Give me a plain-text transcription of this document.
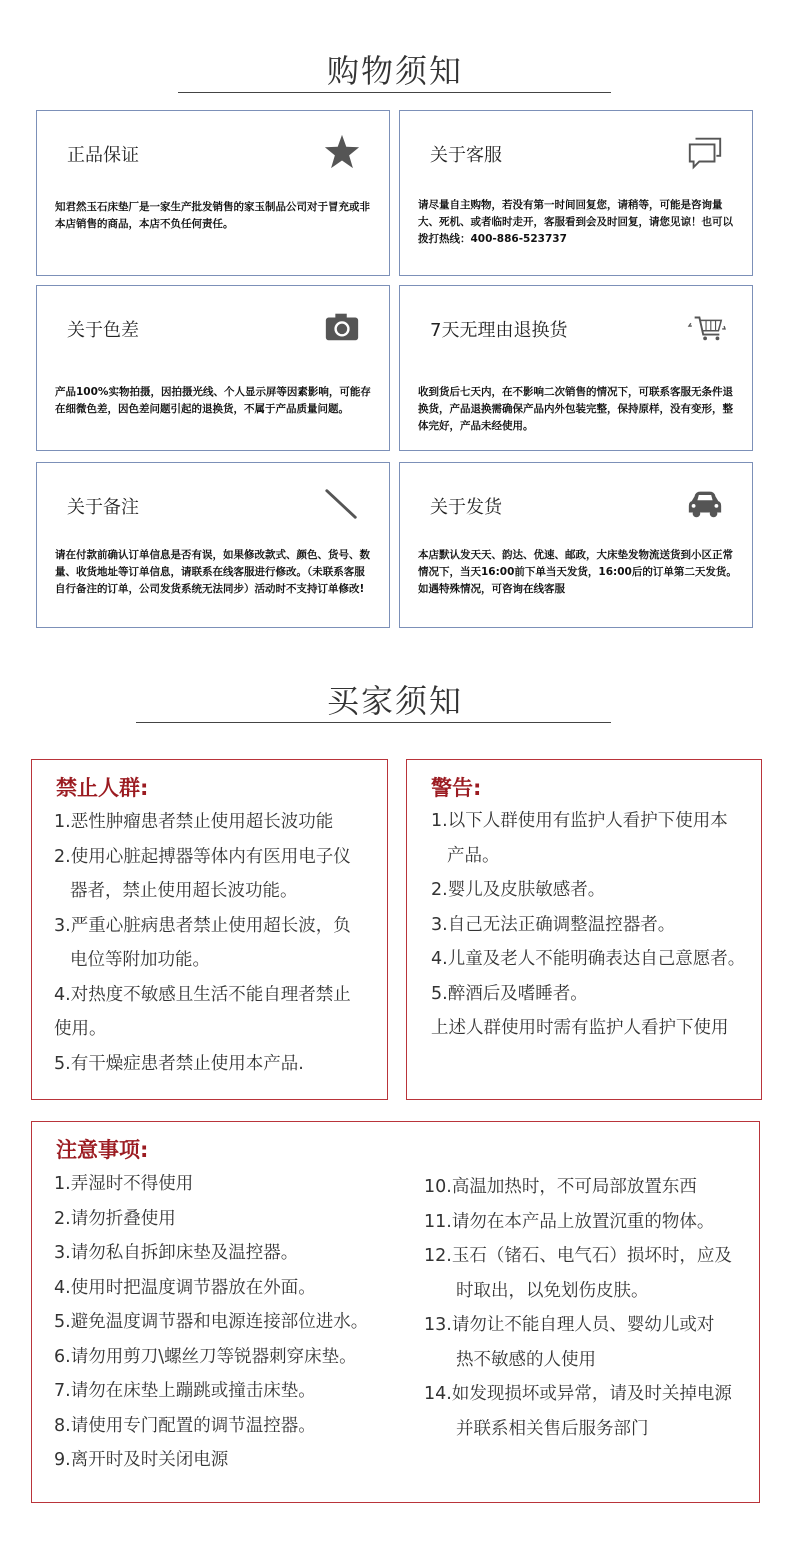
购物须知
正品保证
知君然玉石床垫厂是一家生产批发销售的家玉制品公司对于冒充或非本店销售的商品，本店不负任何责任。
关于客服
请尽量自主购物，若没有第一时间回复您，请稍等，可能是咨询量大、死机、或者临时走开，客服看到会及时回复，请您见谅！也可以拨打热线：400-886-523737
关于色差
产品100%实物拍摄，因拍摄光线、个人显示屏等因素影响，可能存在细微色差，因色差问题引起的退换货，不属于产品质量问题。
7天无理由退换货
收到货后七天内，在不影响二次销售的情况下，可联系客服无条件退换货，产品退换需确保产品内外包装完整，保持原样，没有变形，整体完好，产品未经使用。
关于备注
请在付款前确认订单信息是否有误，如果修改款式、颜色、货号、数量、收货地址等订单信息，请联系在线客服进行修改。（未联系客服自行备注的订单，公司发货系统无法同步）活动时不支持订单修改!
关于发货
本店默认发天天、韵达、优速、邮政，大床垫发物流送货到小区正常情况下，当天16:00前下单当天发货，16:00后的订单第二天发货。如遇特殊情况，可咨询在线客服
买家须知
禁止人群:

1.恶性肿瘤患者禁止使用超长波功能

2.使用心脏起搏器等体内有医用电子仪

器者，禁止使用超长波功能。

3.严重心脏病患者禁止使用超长波，负

电位等附加功能。

4.对热度不敏感且生活不能自理者禁止

使用。

5.有干燥症患者禁止使用本产品.

警告:

1.以下人群使用有监护人看护下使用本

产品。

2.婴儿及皮肤敏感者。

3.自己无法正确调整温控器者。

4.儿童及老人不能明确表达自己意愿者。

5.醉酒后及嗜睡者。

上述人群使用时需有监护人看护下使用

注意事项:

1.弄湿时不得使用

2.请勿折叠使用

3.请勿私自拆卸床垫及温控器。

4.使用时把温度调节器放在外面。

5.避免温度调节器和电源连接部位进水。

6.请勿用剪刀\螺丝刀等锐器刺穿床垫。

7.请勿在床垫上蹦跳或撞击床垫。

8.请使用专门配置的调节温控器。

9.离开时及时关闭电源

10.高温加热时，不可局部放置东西

11.请勿在本产品上放置沉重的物体。

12.玉石（锗石、电气石）损坏时，应及

时取出，以免划伤皮肤。

13.请勿让不能自理人员、婴幼儿或对

热不敏感的人使用

14.如发现损坏或异常，请及时关掉电源

并联系相关售后服务部门
